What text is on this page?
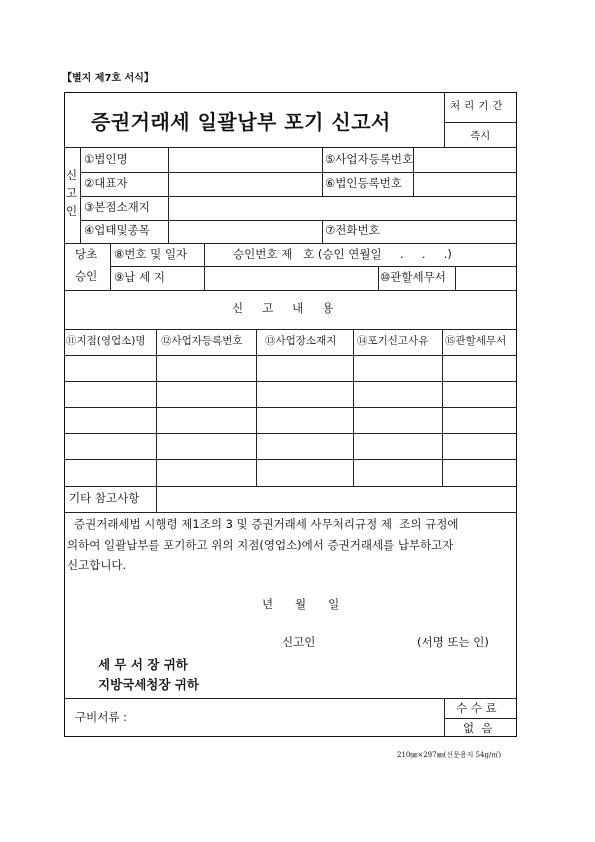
【별지 제7호 서식】
증권거래세 일괄납부 포기 신고서
처리기간
즉시
신
고
인
①법인명	⑤사업자등록번호
②대표자	⑥법인등록번호
③본점소재지
④업태및종목	⑦전화번호
당초
승인
⑧번호 및 일자	승인번호 제   호 (승인 연월일     .     .     .)
⑨납 세 지	⑩관할세무서
신   고   내   용
⑪지점(영업소)명 ⑫사업자등록번호 ⑬사업장소재지 ⑭포기신고사유 ⑮관할세무서
기타 참고사항
증권거래세법 시행령 제1조의 3 및 증권거래세 사무처리규정 제  조의 규정에
의하여 일괄납부를 포기하고 위의 지점(영업소)에서 증권거래세를 납부하고자
신고합니다.
년      월      일
신고인	(서명 또는 인)
세 무 서 장 귀하
지방국세청장 귀하
구비서류 :
수 수 료
없  음
210㎜×297㎜(신문용지 54g/㎡)
